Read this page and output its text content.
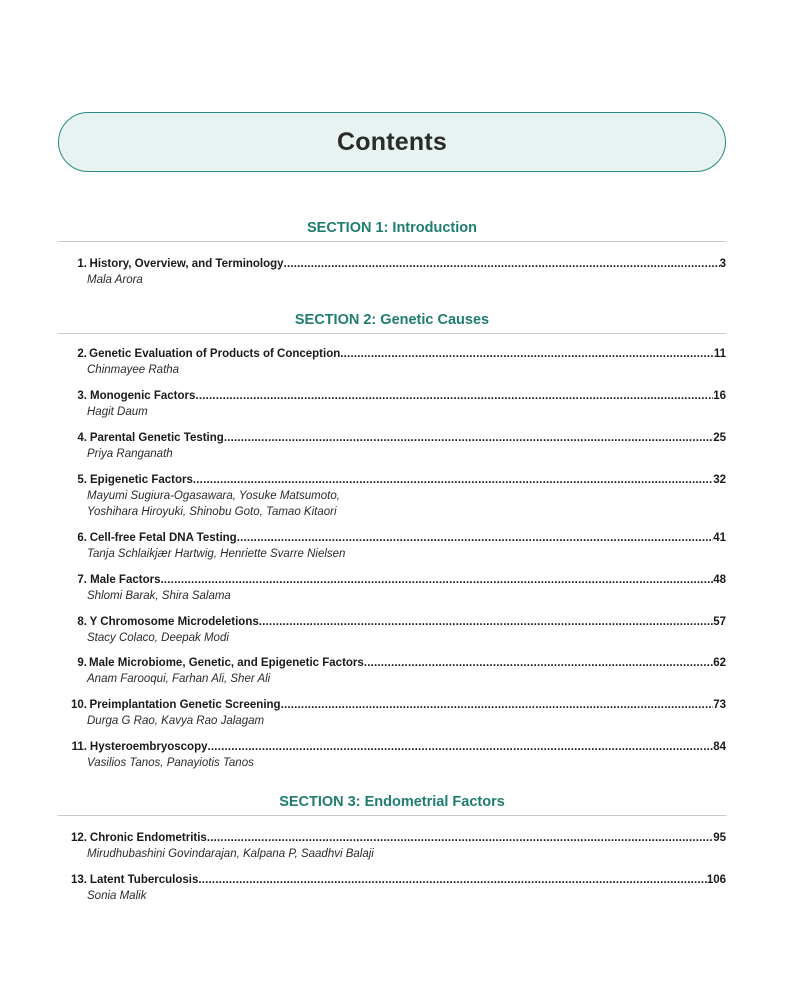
Contents
SECTION 1: Introduction
1. History, Overview, and Terminology .....	3
Mala Arora
SECTION 2: Genetic Causes
2. Genetic Evaluation of Products of Conception .....	11
Chinmayee Ratha
3. Monogenic Factors .....	16
Hagit Daum
4. Parental Genetic Testing .....	25
Priya Ranganath
5. Epigenetic Factors .....	32
Mayumi Sugiura-Ogasawara, Yosuke Matsumoto,
Yoshihara Hiroyuki, Shinobu Goto, Tamao Kitaori
6. Cell-free Fetal DNA Testing .....	41
Tanja Schlaikjær Hartwig, Henriette Svarre Nielsen
7. Male Factors .....	48
Shlomi Barak, Shira Salama
8. Y Chromosome Microdeletions .....	57
Stacy Colaco, Deepak Modi
9. Male Microbiome, Genetic, and Epigenetic Factors .....	62
Anam Farooqui, Farhan Ali, Sher Ali
10. Preimplantation Genetic Screening .....	73
Durga G Rao, Kavya Rao Jalagam
11. Hysteroembryoscopy .....	84
Vasilios Tanos, Panayiotis Tanos
SECTION 3: Endometrial Factors
12. Chronic Endometritis .....	95
Mirudhubashini Govindarajan, Kalpana P, Saadhvi Balaji
13. Latent Tuberculosis .....	106
Sonia Malik
